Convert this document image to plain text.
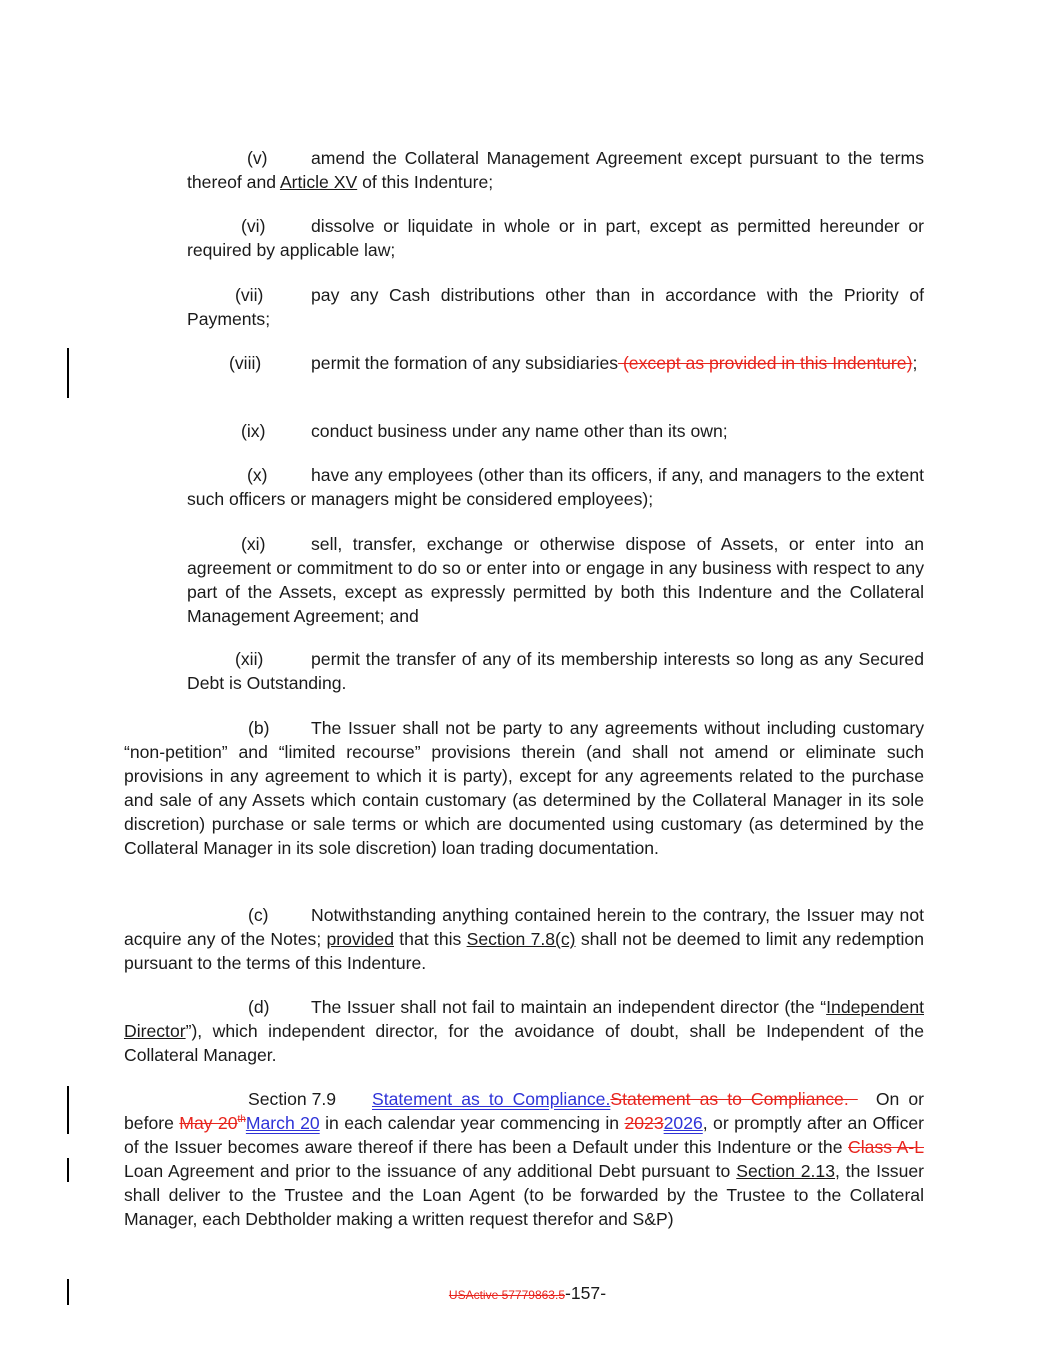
(v) amend the Collateral Management Agreement except pursuant to the terms thereof and Article XV of this Indenture;

(vi)	dissolve or liquidate in whole or in part, except as permitted hereunder or required by applicable law;

(vii)	pay any Cash distributions other than in accordance with the Priority of Payments;

(viii)	permit the formation of any subsidiaries (except as provided in this Indenture);

(ix)	conduct business under any name other than its own;

(x) have any employees (other than its officers, if any, and managers to the extent such officers or managers might be considered employees);

(xi)	sell, transfer, exchange or otherwise dispose of Assets, or enter into an agreement or commitment to do so or enter into or engage in any business with respect to any part of the Assets, except as expressly permitted by both this Indenture and the Collateral Management Agreement; and

(xii)	permit the transfer of any of its membership interests so long as any Secured Debt is Outstanding.

(b) The Issuer shall not be party to any agreements without including customary “non-petition” and “limited recourse” provisions therein (and shall not amend or eliminate such provisions in any agreement to which it is party), except for any agreements related to the purchase and sale of any Assets which contain customary (as determined by the Collateral Manager in its sole discretion) purchase or sale terms or which are documented using customary (as determined by the Collateral Manager in its sole discretion) loan trading documentation.

(c) Notwithstanding anything contained herein to the contrary, the Issuer may not acquire any of the Notes; provided that this Section 7.8(c) shall not be deemed to limit any redemption pursuant to the terms of this Indenture.

(d) The Issuer shall not fail to maintain an independent director (the “Independent Director”), which independent director, for the avoidance of doubt, shall be Independent of the Collateral Manager.

Section 7.9 Statement as to Compliance.Statement as to Compliance.   On or before May 20thMarch 20 in each calendar year commencing in 20232026, or promptly after an Officer of the Issuer becomes aware thereof if there has been a Default under this Indenture or the Class A-L Loan Agreement and prior to the issuance of any additional Debt pursuant to Section 2.13, the Issuer shall deliver to the Trustee and the Loan Agent (to be forwarded by the Trustee to the Collateral Manager, each Debtholder making a written request therefor and S&P)

USActive 57779863.5-157-
